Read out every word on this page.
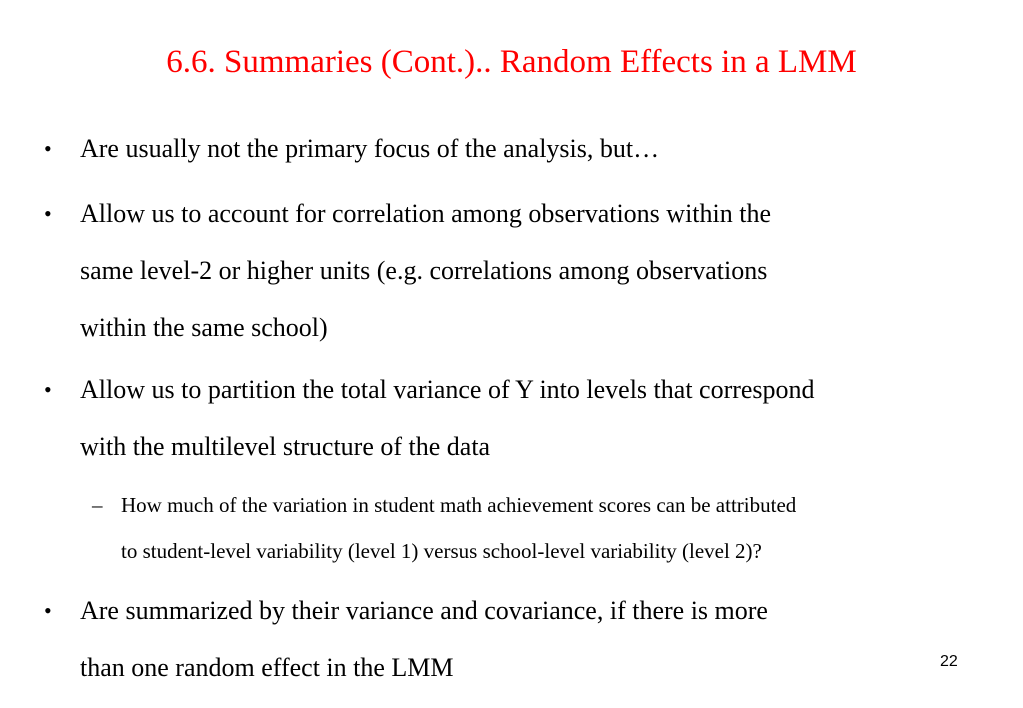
6.6. Summaries (Cont.).. Random Effects in a LMM
•	Are usually not the primary focus of the analysis, but…
•	Allow us to account for correlation among observations within the
same level-2 or higher units (e.g. correlations among observations
within the same school)
•	Allow us to partition the total variance of Y into levels that correspond
with the multilevel structure of the data
– How much of the variation in student math achievement scores can be attributed
to student-level variability (level 1) versus school-level variability (level 2)?
•	Are summarized by their variance and covariance, if there is more
than one random effect in the LMM	22
